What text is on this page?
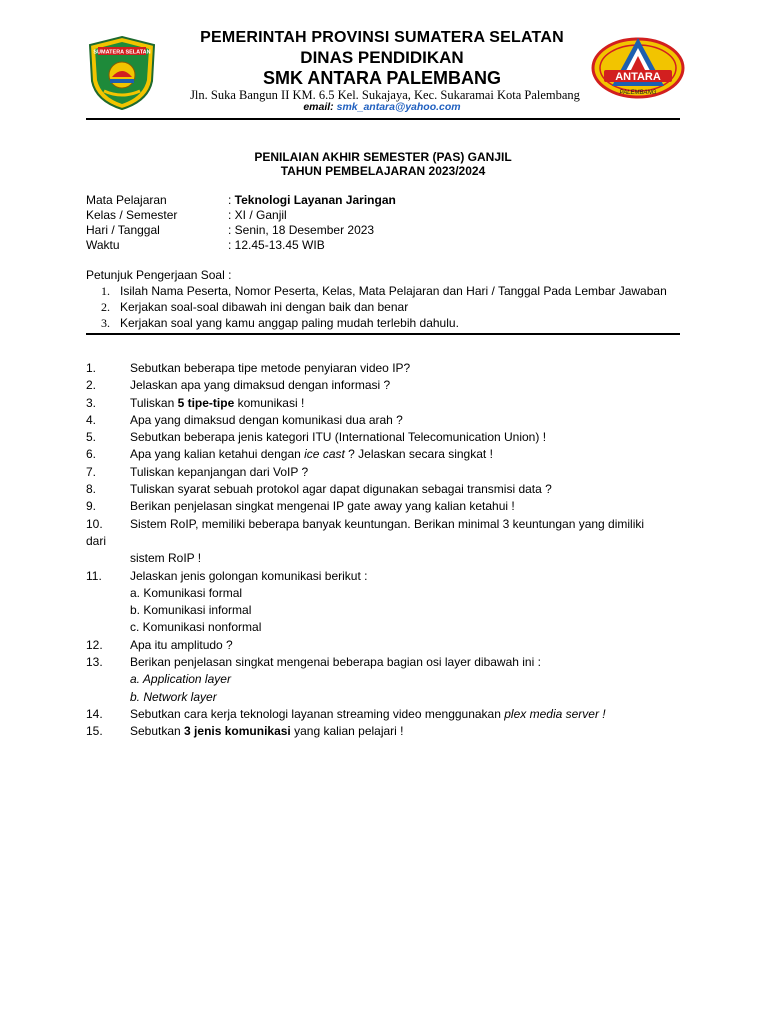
SUMATERA SELATAN
PEMERINTAH PROVINSI SUMATERA SELATAN
DINAS PENDIDIKAN
SMK ANTARA PALEMBANG
Jln. Suka Bangun II KM. 6.5 Kel. Sukajaya, Kec. Sukaramai Kota Palembang
email: smk_antara@yahoo.com
ANTARA
PALEMBANG
PENILAIAN AKHIR SEMESTER (PAS) GANJIL
TAHUN PEMBELAJARAN 2023/2024
Mata Pelajaran	: Teknologi Layanan Jaringan
Kelas / Semester	: XI / Ganjil
Hari / Tanggal	: Senin, 18 Desember 2023
Waktu	: 12.45-13.45 WIB
Petunjuk Pengerjaan Soal :
1. Isilah Nama Peserta, Nomor Peserta, Kelas, Mata Pelajaran dan Hari / Tanggal Pada Lembar Jawaban
2. Kerjakan soal-soal dibawah ini dengan baik dan benar
3. Kerjakan soal yang kamu anggap paling mudah terlebih dahulu.
1.	Sebutkan beberapa tipe metode penyiaran video IP?
2.	Jelaskan apa yang dimaksud dengan informasi ?
3.	Tuliskan 5 tipe-tipe komunikasi !
4.	Apa yang dimaksud dengan komunikasi dua arah ?
5.	Sebutkan beberapa jenis kategori ITU (International Telecomunication Union) !
6.	Apa yang kalian ketahui dengan ice cast ? Jelaskan secara singkat !
7.	Tuliskan kepanjangan dari VoIP ?
8.	Tuliskan syarat sebuah protokol agar dapat digunakan sebagai transmisi data ?
9.	Berikan penjelasan singkat mengenai IP gate away yang kalian ketahui !
10.	Sistem RoIP, memiliki beberapa banyak keuntungan. Berikan minimal 3 keuntungan yang dimiliki
dari
sistem RoIP !
11.	Jelaskan jenis golongan komunikasi berikut :
a. Komunikasi formal
b. Komunikasi informal
c. Komunikasi nonformal
12.	Apa itu amplitudo ?
13.	Berikan penjelasan singkat mengenai beberapa bagian osi layer dibawah ini :
a. Application layer
b. Network layer
14.	Sebutkan cara kerja teknologi layanan streaming video menggunakan plex media server !
15.	Sebutkan 3 jenis komunikasi yang kalian pelajari !
